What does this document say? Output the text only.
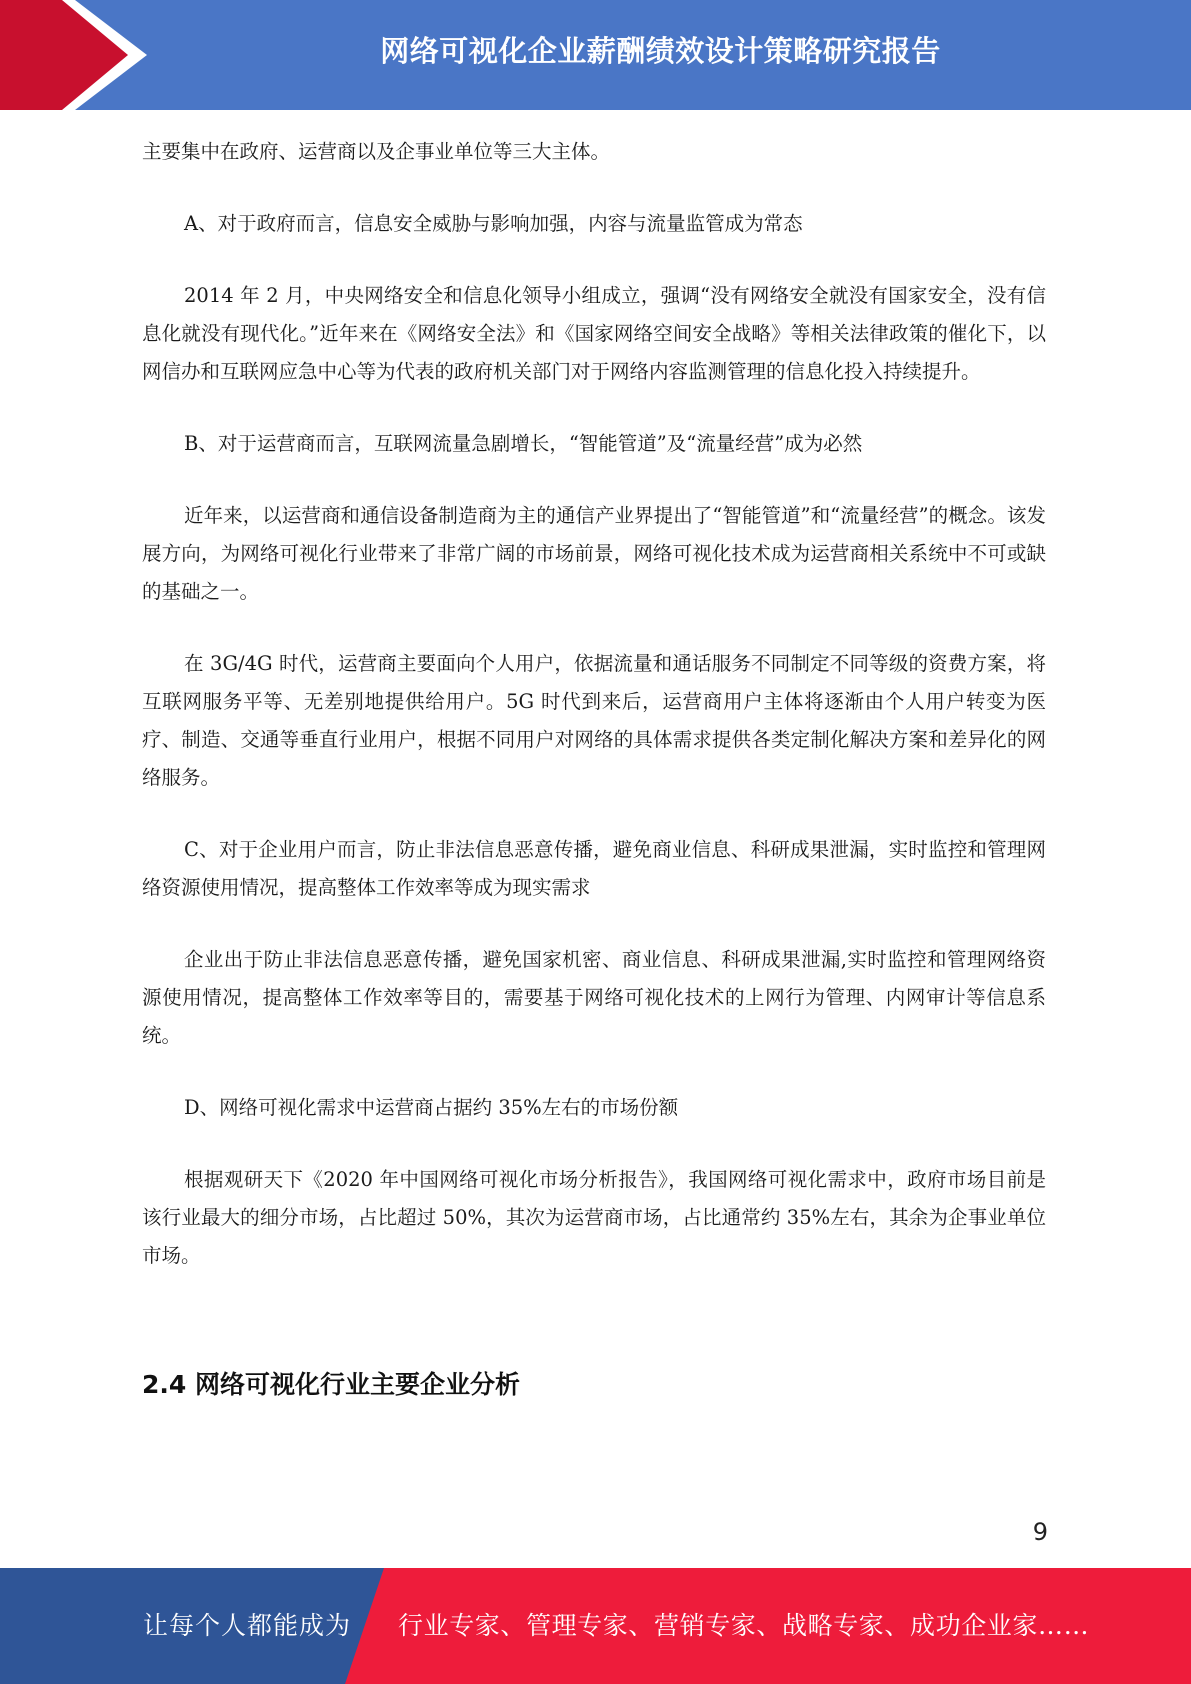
网络可视化企业薪酬绩效设计策略研究报告

主要集中在政府、运营商以及企事业单位等三大主体。

A、对于政府而言，信息安全威胁与影响加强，内容与流量监管成为常态

2014 年 2 月，中央网络安全和信息化领导小组成立，强调“没有网络安全就没有国家安全，没有信息化就没有现代化。”近年来在《网络安全法》和《国家网络空间安全战略》等相关法律政策的催化下，以网信办和互联网应急中心等为代表的政府机关部门对于网络内容监测管理的信息化投入持续提升。

B、对于运营商而言，互联网流量急剧增长，“智能管道”及“流量经营”成为必然

近年来，以运营商和通信设备制造商为主的通信产业界提出了“智能管道”和“流量经营”的概念。该发展方向，为网络可视化行业带来了非常广阔的市场前景，网络可视化技术成为运营商相关系统中不可或缺的基础之一。

在 3G/4G 时代，运营商主要面向个人用户，依据流量和通话服务不同制定不同等级的资费方案，将互联网服务平等、无差别地提供给用户。5G 时代到来后，运营商用户主体将逐渐由个人用户转变为医疗、制造、交通等垂直行业用户，根据不同用户对网络的具体需求提供各类定制化解决方案和差异化的网络服务。

C、对于企业用户而言，防止非法信息恶意传播，避免商业信息、科研成果泄漏，实时监控和管理网络资源使用情况，提高整体工作效率等成为现实需求

企业出于防止非法信息恶意传播，避免国家机密、商业信息、科研成果泄漏,实时监控和管理网络资源使用情况，提高整体工作效率等目的，需要基于网络可视化技术的上网行为管理、内网审计等信息系统。

D、网络可视化需求中运营商占据约 35%左右的市场份额

根据观研天下《2020 年中国网络可视化市场分析报告》，我国网络可视化需求中，政府市场目前是该行业最大的细分市场，占比超过 50%，其次为运营商市场，占比通常约 35%左右，其余为企事业单位市场。

2.4 网络可视化行业主要企业分析
9
让每个人都能成为 行业专家、管理专家、营销专家、战略专家、成功企业家……
